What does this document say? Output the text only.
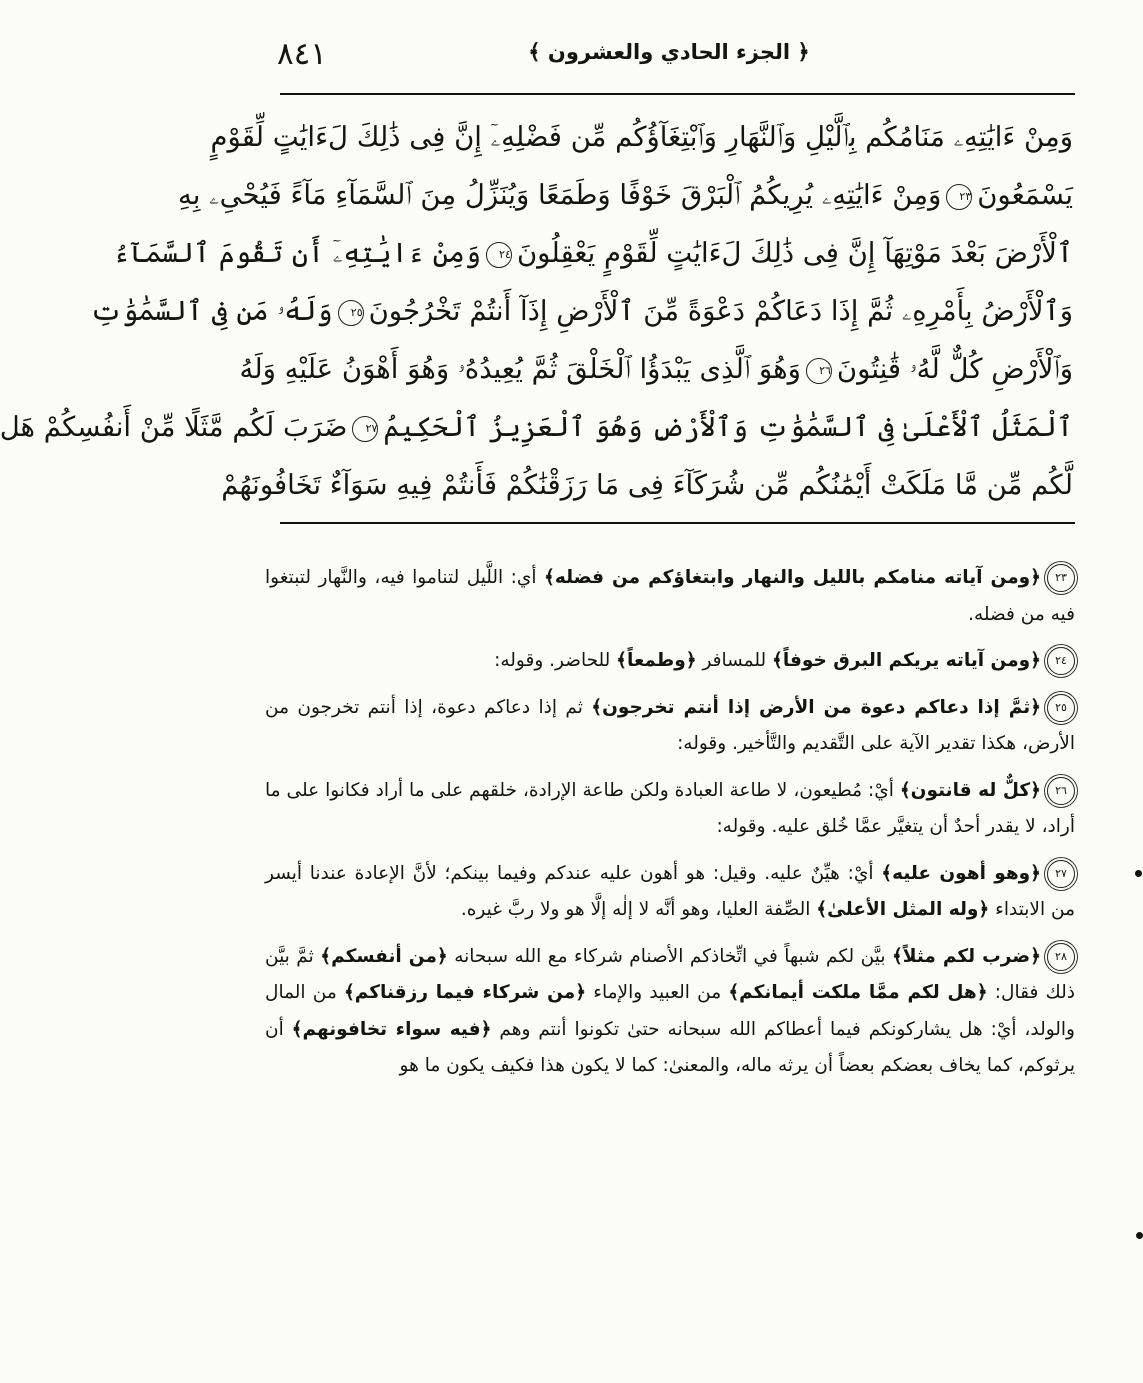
٨٤١	﴿ الجزء الحادي والعشرون ﴾
وَمِنْ ءَايَٰتِهِۦ مَنَامُكُم بِٱلَّيْلِ وَٱلنَّهَارِ وَٱبْتِغَآؤُكُم مِّن فَضْلِهِۦٓ إِنَّ فِى ذَٰلِكَ لَءَايَٰتٍ لِّقَوْمٍ
يَسْمَعُونَ٢٣وَمِنْ ءَايَٰتِهِۦ يُرِيكُمُ ٱلْبَرْقَ خَوْفًا وَطَمَعًا وَيُنَزِّلُ مِنَ ٱلسَّمَآءِ مَآءً فَيُحْىِۦ بِهِ
ٱلْأَرْضَ بَعْدَ مَوْتِهَآ إِنَّ فِى ذَٰلِكَ لَءَايَٰتٍ لِّقَوْمٍ يَعْقِلُونَ٢٤وَمِنْ ءَايَٰتِهِۦٓ أَن تَقُومَ ٱلسَّمَآءُ
وَٱلْأَرْضُ بِأَمْرِهِۦ ثُمَّ إِذَا دَعَاكُمْ دَعْوَةً مِّنَ ٱلْأَرْضِ إِذَآ أَنتُمْ تَخْرُجُونَ٢٥وَلَهُۥ مَن فِى ٱلسَّمَٰوَٰتِ
وَٱلْأَرْضِ كُلٌّ لَّهُۥ قَٰنِتُونَ٢٦وَهُوَ ٱلَّذِى يَبْدَؤُا ٱلْخَلْقَ ثُمَّ يُعِيدُهُۥ وَهُوَ أَهْوَنُ عَلَيْهِ وَلَهُ
ٱلْمَثَلُ ٱلْأَعْلَىٰ فِى ٱلسَّمَٰوَٰتِ وَٱلْأَرْضِ وَهُوَ ٱلْعَزِيزُ ٱلْحَكِيمُ٢٧ضَرَبَ لَكُم مَّثَلًا مِّنْ أَنفُسِكُمْ هَل
لَّكُم مِّن مَّا مَلَكَتْ أَيْمَٰنُكُم مِّن شُرَكَآءَ فِى مَا رَزَقْنَٰكُمْ فَأَنتُمْ فِيهِ سَوَآءٌ تَخَافُونَهُمْ
٢٣﴿ومن آياته منامكم بالليل والنهار وابتغاؤكم من فضله﴾ أي: اللَّيل لتناموا فيه، والنَّهار لتبتغوا فيه من فضله.
٢٤﴿ومن آياته يريكم البرق خوفاً﴾ للمسافر ﴿وطمعاً﴾ للحاضر. وقوله:
٢٥﴿ثمَّ إذا دعاكم دعوة من الأرض إذا أنتم تخرجون﴾ ثم إذا دعاكم دعوة، إذا أنتم تخرجون من الأرض، هكذا تقدير الآية على التَّقديم والتَّأخير. وقوله:
٢٦﴿كلٌّ له قانتون﴾ أيْ: مُطيعون، لا طاعة العبادة ولكن طاعة الإرادة، خلقهم على ما أراد فكانوا على ما أراد، لا يقدر أحدٌ أن يتغيَّر عمَّا خُلق عليه. وقوله:
٢٧﴿وهو أهون عليه﴾ أيْ: هيِّنٌ عليه. وقيل: هو أهون عليه عندكم وفيما بينكم؛ لأنَّ الإعادة عندنا أيسر من الابتداء ﴿وله المثل الأعلىٰ﴾ الصِّفة العليا، وهو أنَّه لا إلٰه إلَّا هو ولا ربَّ غيره.
٢٨﴿ضرب لكم مثلاً﴾ بيَّن لكم شبهاً في اتِّخاذكم الأصنام شركاء مع الله سبحانه ﴿من أنفسكم﴾ ثمَّ بيَّن ذلك فقال: ﴿هل لكم ممَّا ملكت أيمانكم﴾ من العبيد والإماء ﴿من شركاء فيما رزقناكم﴾ من المال والولد، أيْ: هل يشاركونكم فيما أعطاكم الله سبحانه حتىٰ تكونوا أنتم وهم ﴿فيه سواء تخافونهم﴾ أن يرثوكم، كما يخاف بعضكم بعضاً أن يرثه ماله، والمعنىٰ: كما لا يكون هذا فكيف يكون ما هو
